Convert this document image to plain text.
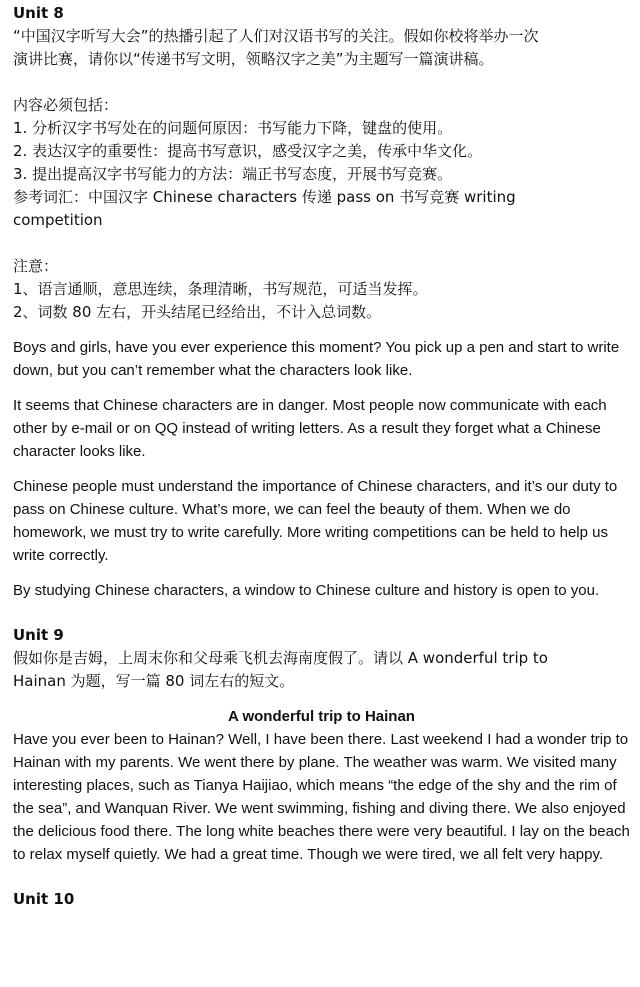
Unit 8

“中国汉字听写大会”的热播引起了人们对汉语书写的关注。假如你校将举办一次

演讲比赛，请你以“传递书写文明，领略汉字之美”为主题写一篇演讲稿。

内容必须包括：

1. 分析汉字书写处在的问题何原因：书写能力下降，键盘的使用。

2. 表达汉字的重要性：提高书写意识，感受汉字之美，传承中华文化。

3. 提出提高汉字书写能力的方法：端正书写态度，开展书写竞赛。

参考词汇：中国汉字 Chinese characters 传递 pass on 书写竞赛 writing

competition

注意：

1、语言通顺，意思连续，条理清晰，书写规范，可适当发挥。

2、词数 80 左右，开头结尾已经给出，不计入总词数。

Boys and girls, have you ever experience this moment? You pick up a pen and start to write down, but you can’t remember what the characters look like.

It seems that Chinese characters are in danger. Most people now communicate with each other by e-mail or on QQ instead of writing letters. As a result they forget what a Chinese character looks like.

Chinese people must understand the importance of Chinese characters, and it’s our duty to pass on Chinese culture. What’s more, we can feel the beauty of them. When we do homework, we must try to write carefully. More writing competitions can be held to help us write correctly.

By studying Chinese characters, a window to Chinese culture and history is open to you.

Unit 9

假如你是吉姆，上周末你和父母乘飞机去海南度假了。请以 A wonderful trip to

Hainan 为题，写一篇 80 词左右的短文。

A wonderful trip to Hainan

Have you ever been to Hainan? Well, I have been there. Last weekend I had a wonder trip to Hainan with my parents. We went there by plane. The weather was warm. We visited many interesting places, such as Tianya Haijiao, which means “the edge of the shy and the rim of the sea”, and Wanquan River. We went swimming, fishing and diving there. We also enjoyed the delicious food there. The long white beaches there were very beautiful. I lay on the beach to relax myself quietly. We had a great time. Though we were tired, we all felt very happy.

Unit 10
